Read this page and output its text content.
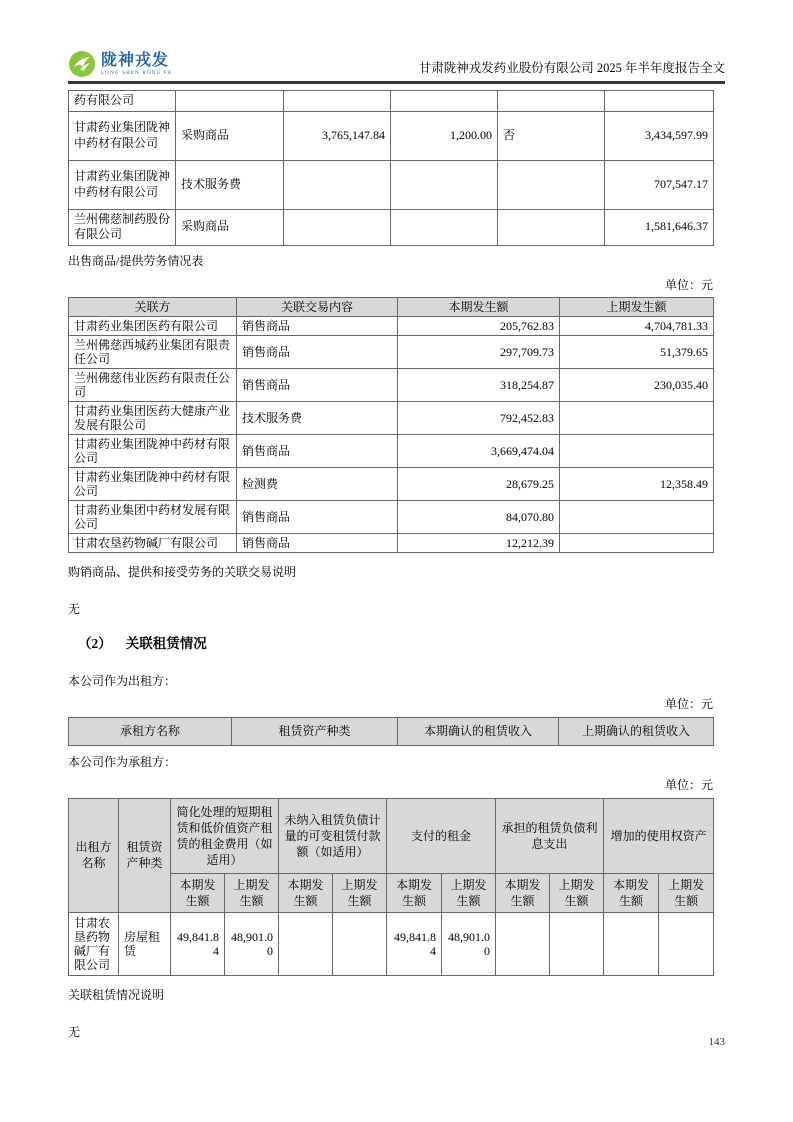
陇神戎发
LONG SHEN RONG FA	甘肃陇神戎发药业股份有限公司 2025 年半年度报告全文
药有限公司					
甘肃药业集团陇神中药材有限公司	采购商品	3,765,147.84	1,200.00	否	3,434,597.99
甘肃药业集团陇神中药材有限公司	技术服务费				707,547.17
兰州佛慈制药股份有限公司	采购商品				1,581,646.37
出售商品/提供劳务情况表
单位：元
关联方	关联交易内容	本期发生额	上期发生额
甘肃药业集团医药有限公司	销售商品	205,762.83	4,704,781.33
兰州佛慈西城药业集团有限责任公司	销售商品	297,709.73	51,379.65
兰州佛慈伟业医药有限责任公司	销售商品	318,254.87	230,035.40
甘肃药业集团医药大健康产业发展有限公司	技术服务费	792,452.83	
甘肃药业集团陇神中药材有限公司	销售商品	3,669,474.04	
甘肃药业集团陇神中药材有限公司	检测费	28,679.25	12,358.49
甘肃药业集团中药材发展有限公司	销售商品	84,070.80	
甘肃农垦药物碱厂有限公司	销售商品	12,212.39	
购销商品、提供和接受劳务的关联交易说明
无
（2） 关联租赁情况
本公司作为出租方：
单位：元
承租方名称	租赁资产种类	本期确认的租赁收入	上期确认的租赁收入
本公司作为承租方：
单位：元
出租方名称	租赁资产种类	简化处理的短期租赁和低价值资产租赁的租金费用（如适用）		未纳入租赁负债计量的可变租赁付款额（如适用）		支付的租金		承担的租赁负债利息支出		增加的使用权资产	
		本期发生额	上期发生额	本期发生额	上期发生额	本期发生额	上期发生额	本期发生额	上期发生额	本期发生额	上期发生额
甘肃农垦药物碱厂有限公司	房屋租赁	49,841.84	48,901.00			49,841.84	48,901.00				
关联租赁情况说明
无
143
